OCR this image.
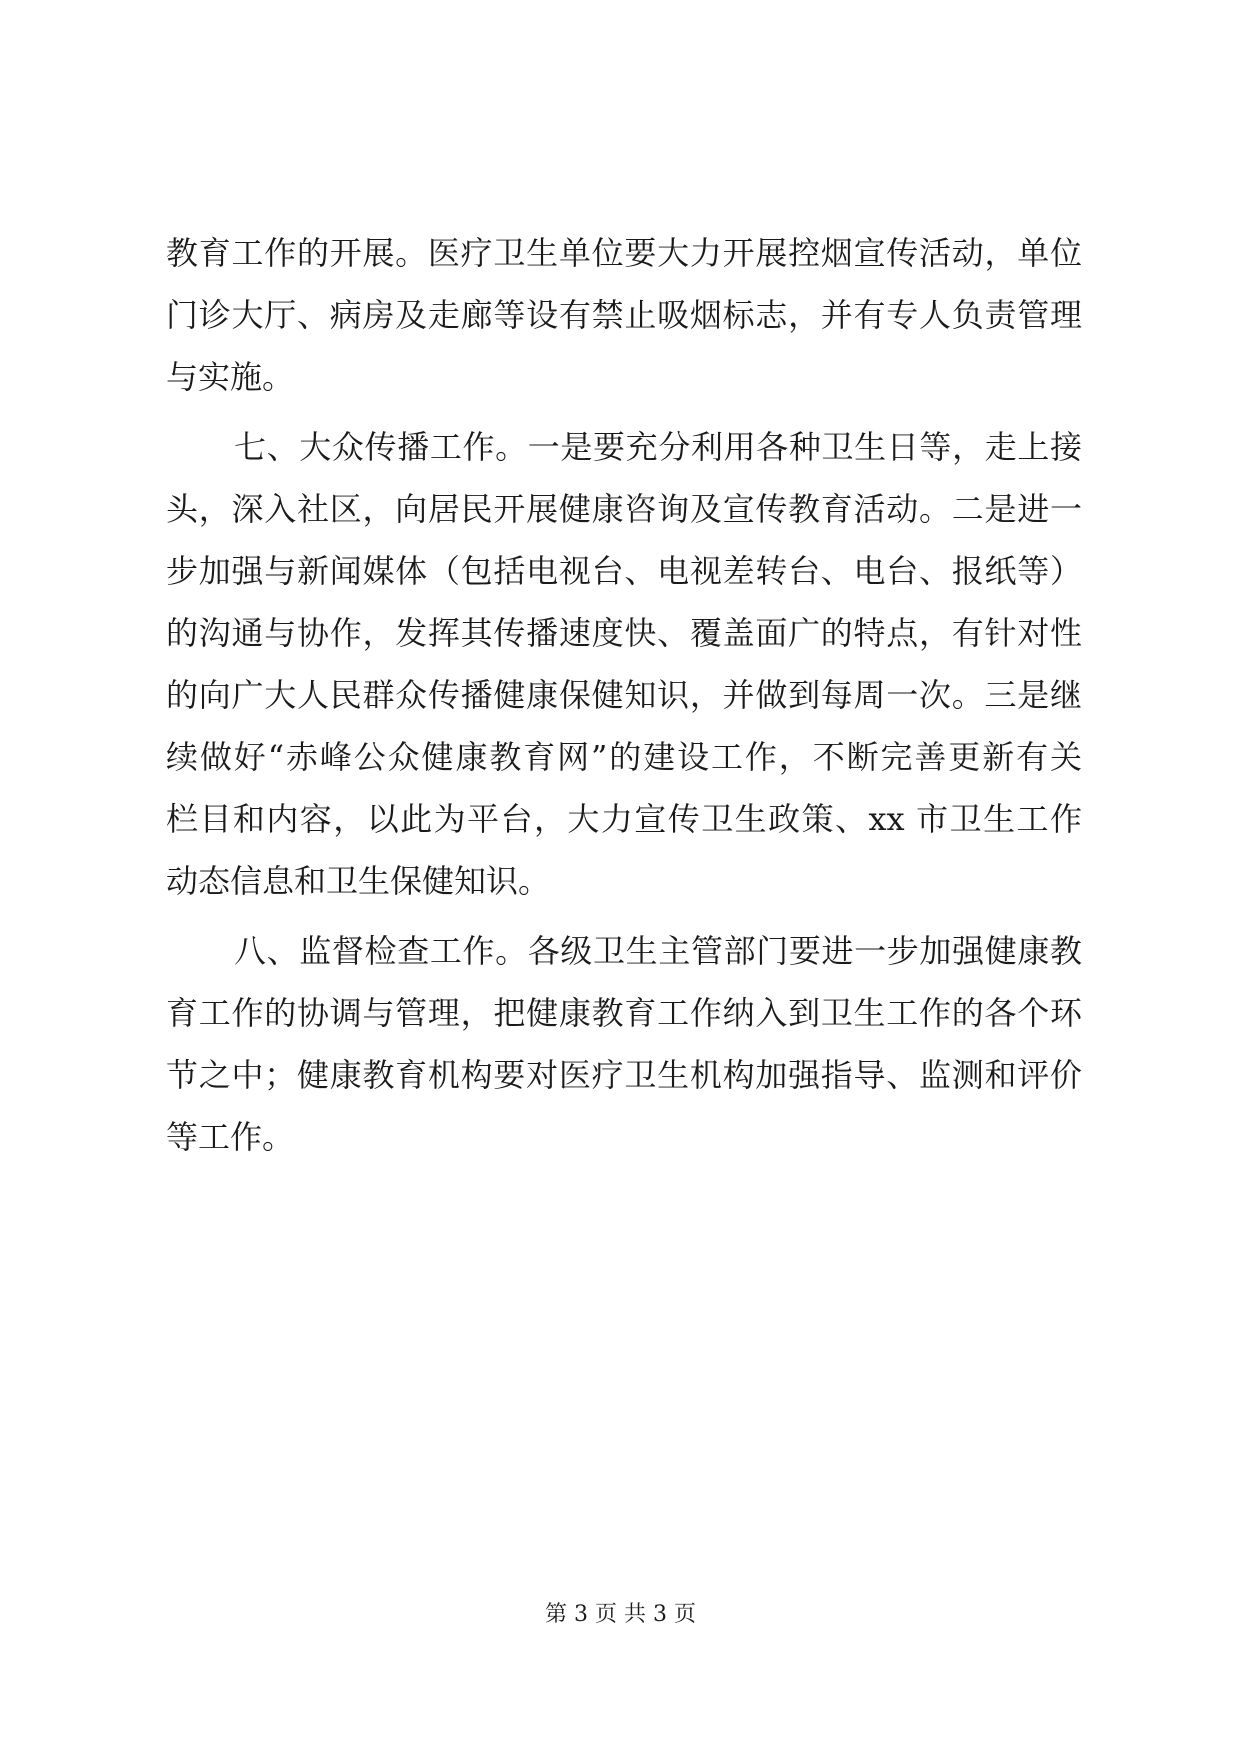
教育工作的开展。医疗卫生单位要大力开展控烟宣传活动，单位
门诊大厅、病房及走廊等设有禁止吸烟标志，并有专人负责管理
与实施。
七、大众传播工作。一是要充分利用各种卫生日等，走上接
头，深入社区，向居民开展健康咨询及宣传教育活动。二是进一
步加强与新闻媒体（包括电视台、电视差转台、电台、报纸等）
的沟通与协作，发挥其传播速度快、覆盖面广的特点，有针对性
的向广大人民群众传播健康保健知识，并做到每周一次。三是继
续做好“赤峰公众健康教育网”的建设工作，不断完善更新有关
栏目和内容，以此为平台，大力宣传卫生政策、xx 市卫生工作
动态信息和卫生保健知识。
八、监督检查工作。各级卫生主管部门要进一步加强健康教
育工作的协调与管理，把健康教育工作纳入到卫生工作的各个环
节之中；健康教育机构要对医疗卫生机构加强指导、监测和评价
等工作。
第 3 页 共 3 页
